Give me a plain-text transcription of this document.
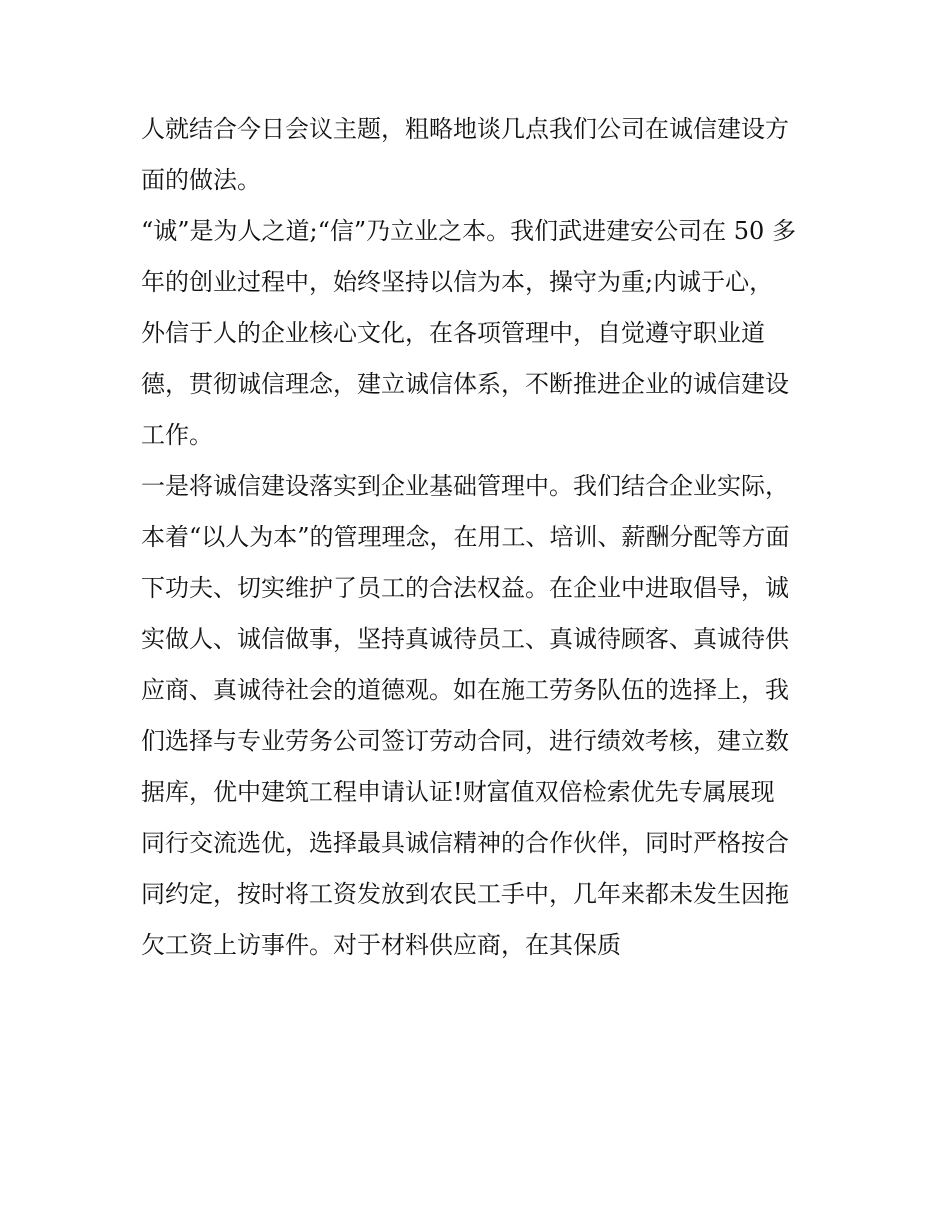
人就结合今日会议主题，粗略地谈几点我们公司在诚信建设方
面的做法。
“诚”是为人之道;“信”乃立业之本。我们武进建安公司在 50 多
年的创业过程中，始终坚持以信为本，操守为重;内诚于心，
外信于人的企业核心文化，在各项管理中，自觉遵守职业道
德，贯彻诚信理念，建立诚信体系，不断推进企业的诚信建设
工作。
一是将诚信建设落实到企业基础管理中。我们结合企业实际，
本着“以人为本”的管理理念，在用工、培训、薪酬分配等方面
下功夫、切实维护了员工的合法权益。在企业中进取倡导，诚
实做人、诚信做事，坚持真诚待员工、真诚待顾客、真诚待供
应商、真诚待社会的道德观。如在施工劳务队伍的选择上，我
们选择与专业劳务公司签订劳动合同，进行绩效考核，建立数
据库，优中建筑工程申请认证!财富值双倍检索优先专属展现
同行交流选优，选择最具诚信精神的合作伙伴，同时严格按合
同约定，按时将工资发放到农民工手中，几年来都未发生因拖
欠工资上访事件。对于材料供应商，在其保质
